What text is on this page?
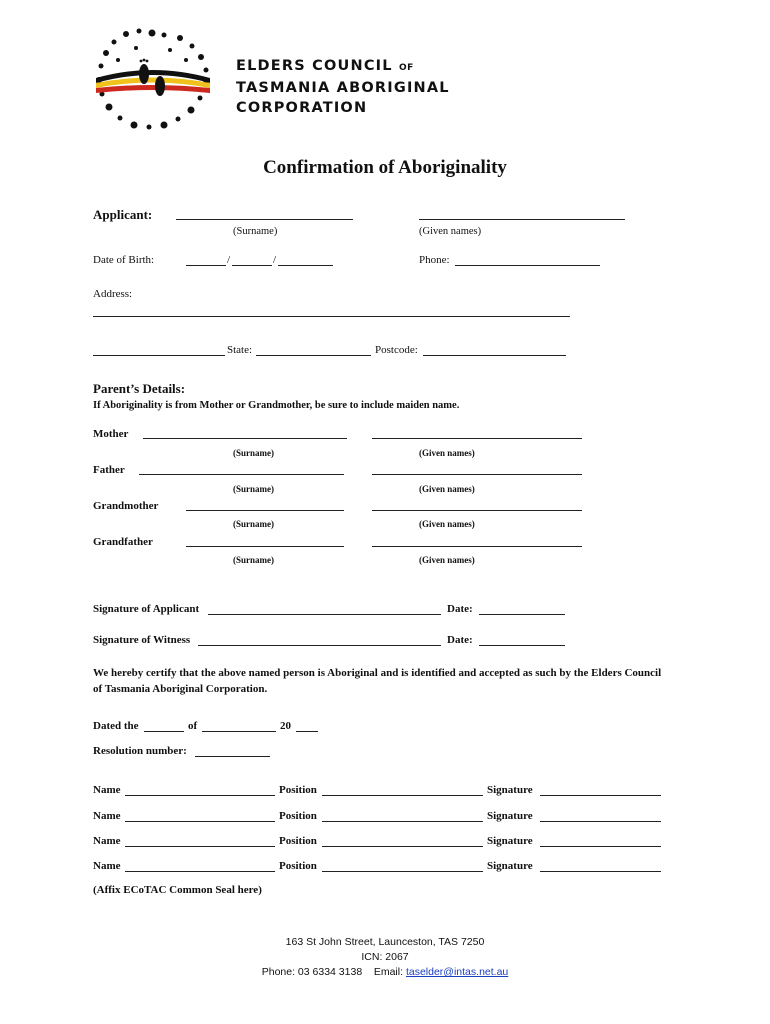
ELDERS COUNCIL OF
TASMANIA ABORIGINAL
CORPORATION
Confirmation of Aboriginality
Applicant:
(Surname)	(Given names)
Date of Birth:	/	/	Phone:
Address:
State:	Postcode:
Parent’s Details:
If Aboriginality is from Mother or Grandmother, be sure to include maiden name.
Mother
(Surname)	(Given names)
Father
(Surname)	(Given names)
Grandmother
(Surname)	(Given names)
Grandfather
(Surname)	(Given names)
Signature of Applicant	Date:
Signature of Witness	Date:
We hereby certify that the above named person is Aboriginal and is identified and accepted as such by the Elders Council of Tasmania Aboriginal Corporation.
Dated the	of	20
Resolution number:
Name	Position	Signature
Name	Position	Signature
Name	Position	Signature
Name	Position	Signature
(Affix ECoTAC Common Seal here)
163 St John Street, Launceston, TAS 7250
ICN: 2067
Phone: 03 6334 3138 Email: taselder@intas.net.au
